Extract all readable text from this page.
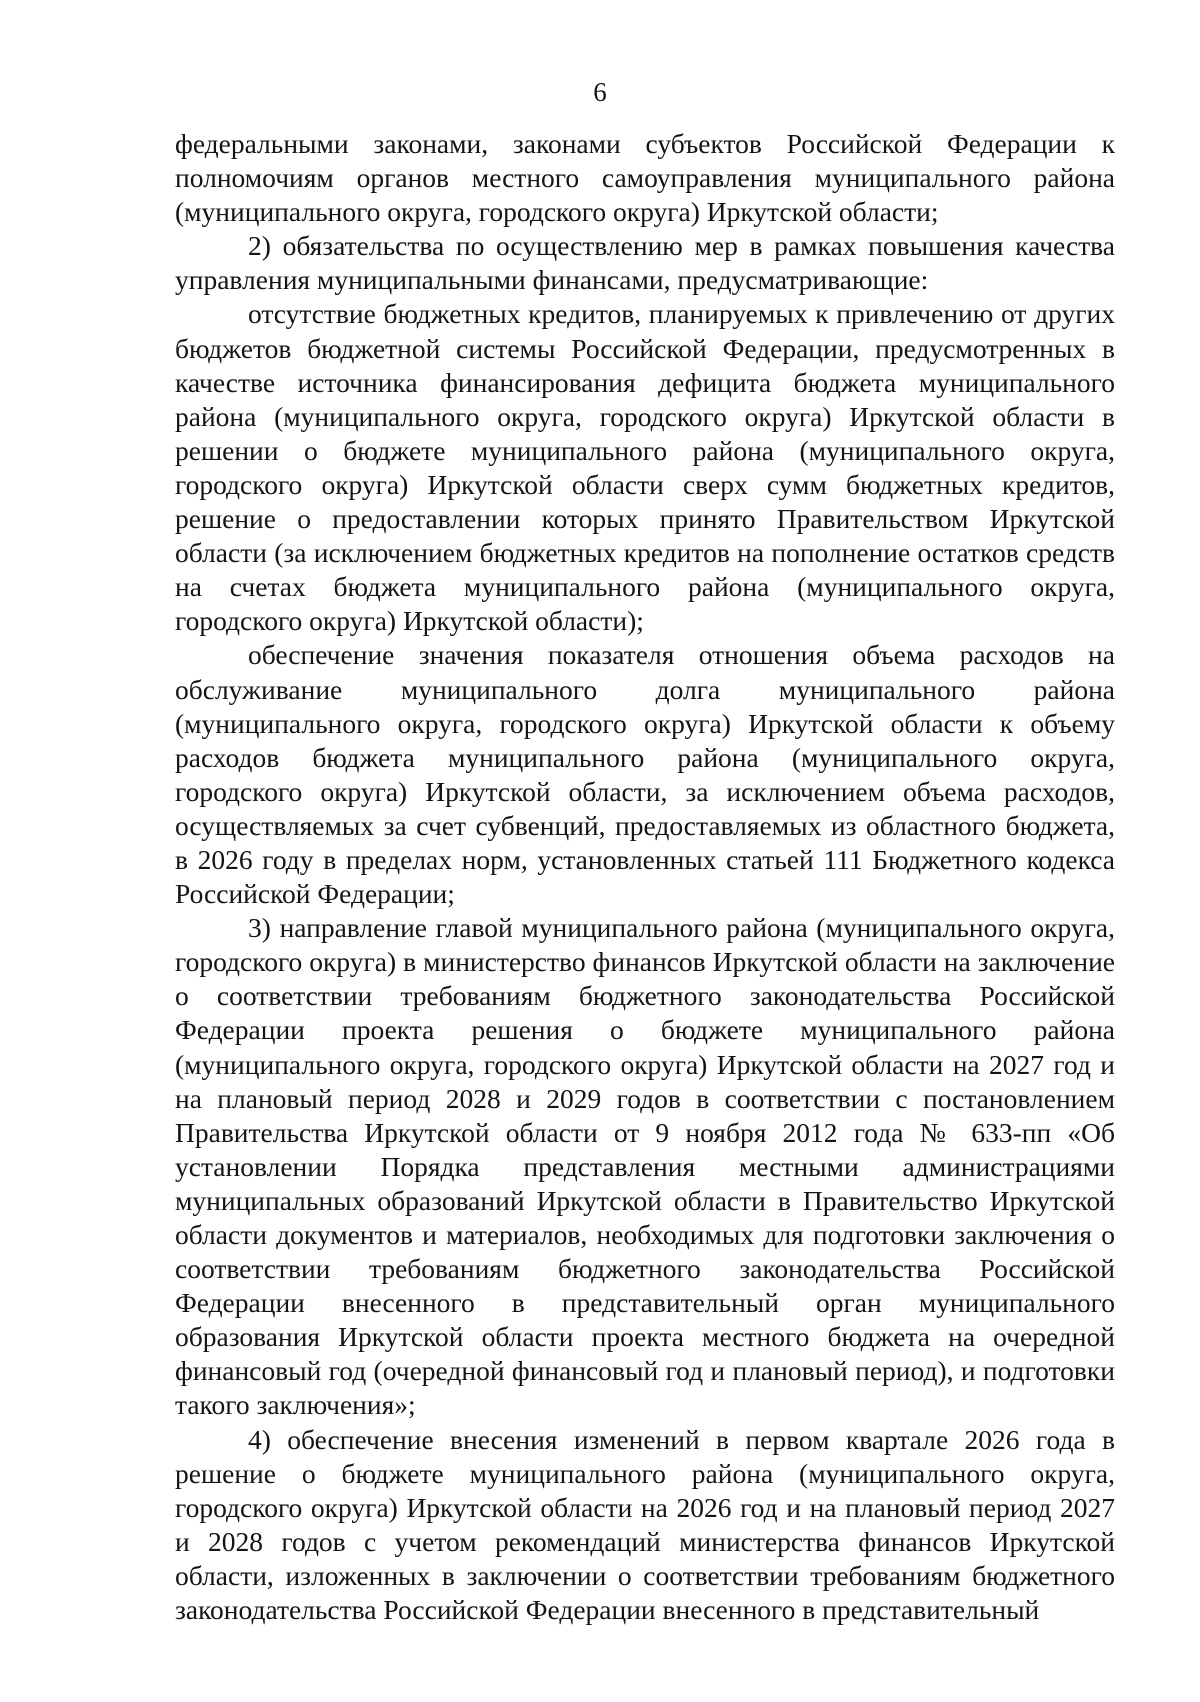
6

федеральными законами, законами субъектов Российской Федерации к полномочиям органов местного самоуправления муниципального района (муниципального округа, городского округа) Иркутской области;

2) обязательства по осуществлению мер в рамках повышения качества управления муниципальными финансами, предусматривающие:

отсутствие бюджетных кредитов, планируемых к привлечению от других бюджетов бюджетной системы Российской Федерации, предусмотренных в качестве источника финансирования дефицита бюджета муниципального района (муниципального округа, городского округа) Иркутской области в решении о бюджете муниципального района (муниципального округа, городского округа) Иркутской области сверх сумм бюджетных кредитов, решение о предоставлении которых принято Правительством Иркутской области (за исключением бюджетных кредитов на пополнение остатков средств на счетах бюджета муниципального района (муниципального округа, городского округа) Иркутской области);

обеспечение значения показателя отношения объема расходов на обслуживание муниципального долга муниципального района (муниципального округа, городского округа) Иркутской области к объему расходов бюджета муниципального района (муниципального округа, городского округа) Иркутской области, за исключением объема расходов, осуществляемых за счет субвенций, предоставляемых из областного бюджета, в 2026 году в пределах норм, установленных статьей 111 Бюджетного кодекса Российской Федерации;

3) направление главой муниципального района (муниципального округа, городского округа) в министерство финансов Иркутской области на заключение о соответствии требованиям бюджетного законодательства Российской Федерации проекта решения о бюджете муниципального района (муниципального округа, городского округа) Иркутской области на 2027 год и на плановый период 2028 и 2029 годов в соответствии с постановлением Правительства Иркутской области от 9 ноября 2012 года № 633-пп «Об установлении Порядка представления местными администрациями муниципальных образований Иркутской области в Правительство Иркутской области документов и материалов, необходимых для подготовки заключения о соответствии требованиям бюджетного законодательства Российской Федерации внесенного в представительный орган муниципального образования Иркутской области проекта местного бюджета на очередной финансовый год (очередной финансовый год и плановый период), и подготовки такого заключения»;

4) обеспечение внесения изменений в первом квартале 2026 года в решение о бюджете муниципального района (муниципального округа, городского округа) Иркутской области на 2026 год и на плановый период 2027 и 2028 годов с учетом рекомендаций министерства финансов Иркутской области, изложенных в заключении о соответствии требованиям бюджетного законодательства Российской Федерации внесенного в представительный
